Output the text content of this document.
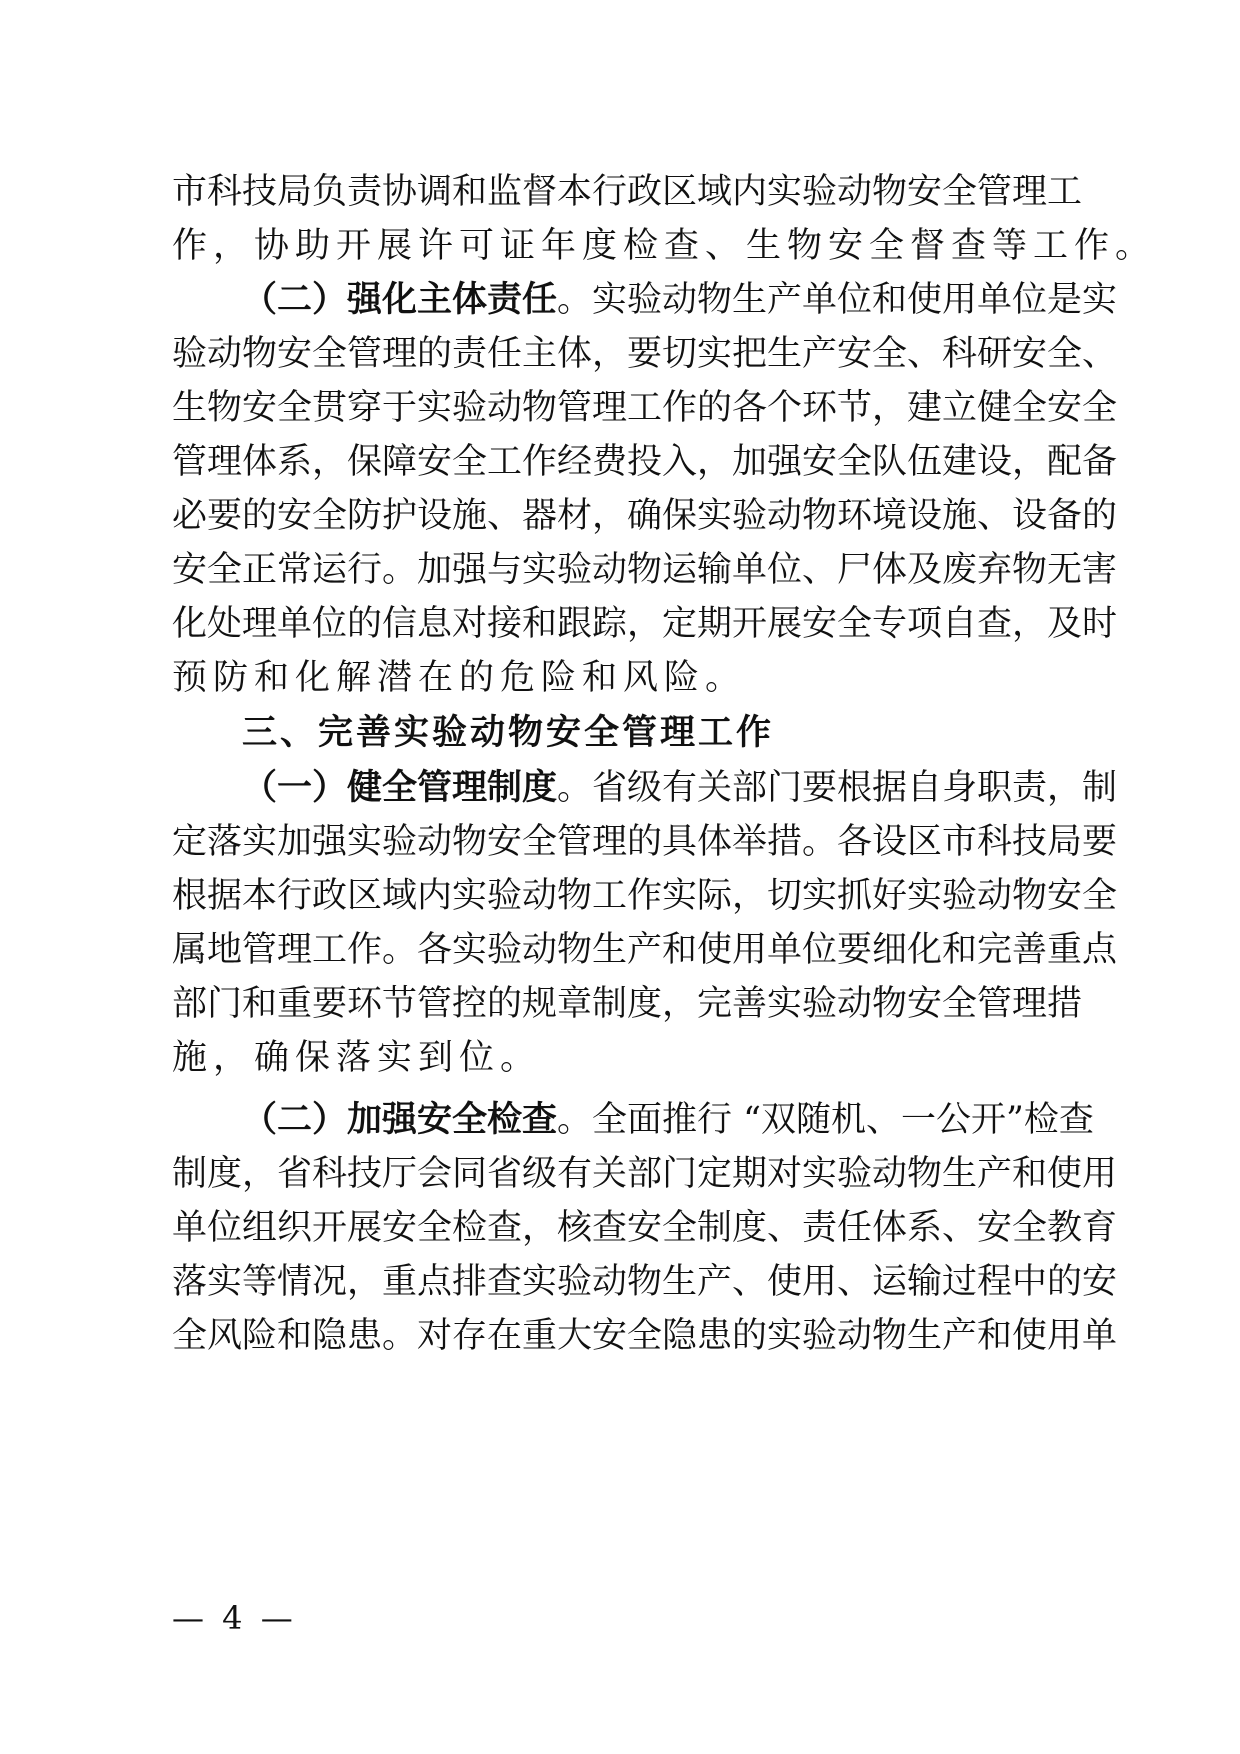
市科技局负责协调和监督本行政区域内实验动物安全管理工
作，协助开展许可证年度检查、生物安全督查等工作。
（二）强化主体责任。实验动物生产单位和使用单位是实
验动物安全管理的责任主体，要切实把生产安全、科研安全、
生物安全贯穿于实验动物管理工作的各个环节，建立健全安全
管理体系，保障安全工作经费投入，加强安全队伍建设，配备
必要的安全防护设施、器材，确保实验动物环境设施、设备的
安全正常运行。加强与实验动物运输单位、尸体及废弃物无害
化处理单位的信息对接和跟踪，定期开展安全专项自查，及时
预防和化解潜在的危险和风险。
三、完善实验动物安全管理工作
（一）健全管理制度。省级有关部门要根据自身职责，制
定落实加强实验动物安全管理的具体举措。各设区市科技局要
根据本行政区域内实验动物工作实际，切实抓好实验动物安全
属地管理工作。各实验动物生产和使用单位要细化和完善重点
部门和重要环节管控的规章制度，完善实验动物安全管理措
施，确保落实到位。
（二）加强安全检查。全面推行 “双随机、一公开”检查
制度，省科技厅会同省级有关部门定期对实验动物生产和使用
单位组织开展安全检查，核查安全制度、责任体系、安全教育
落实等情况，重点排查实验动物生产、使用、运输过程中的安
全风险和隐患。对存在重大安全隐患的实验动物生产和使用单
— 4 —
